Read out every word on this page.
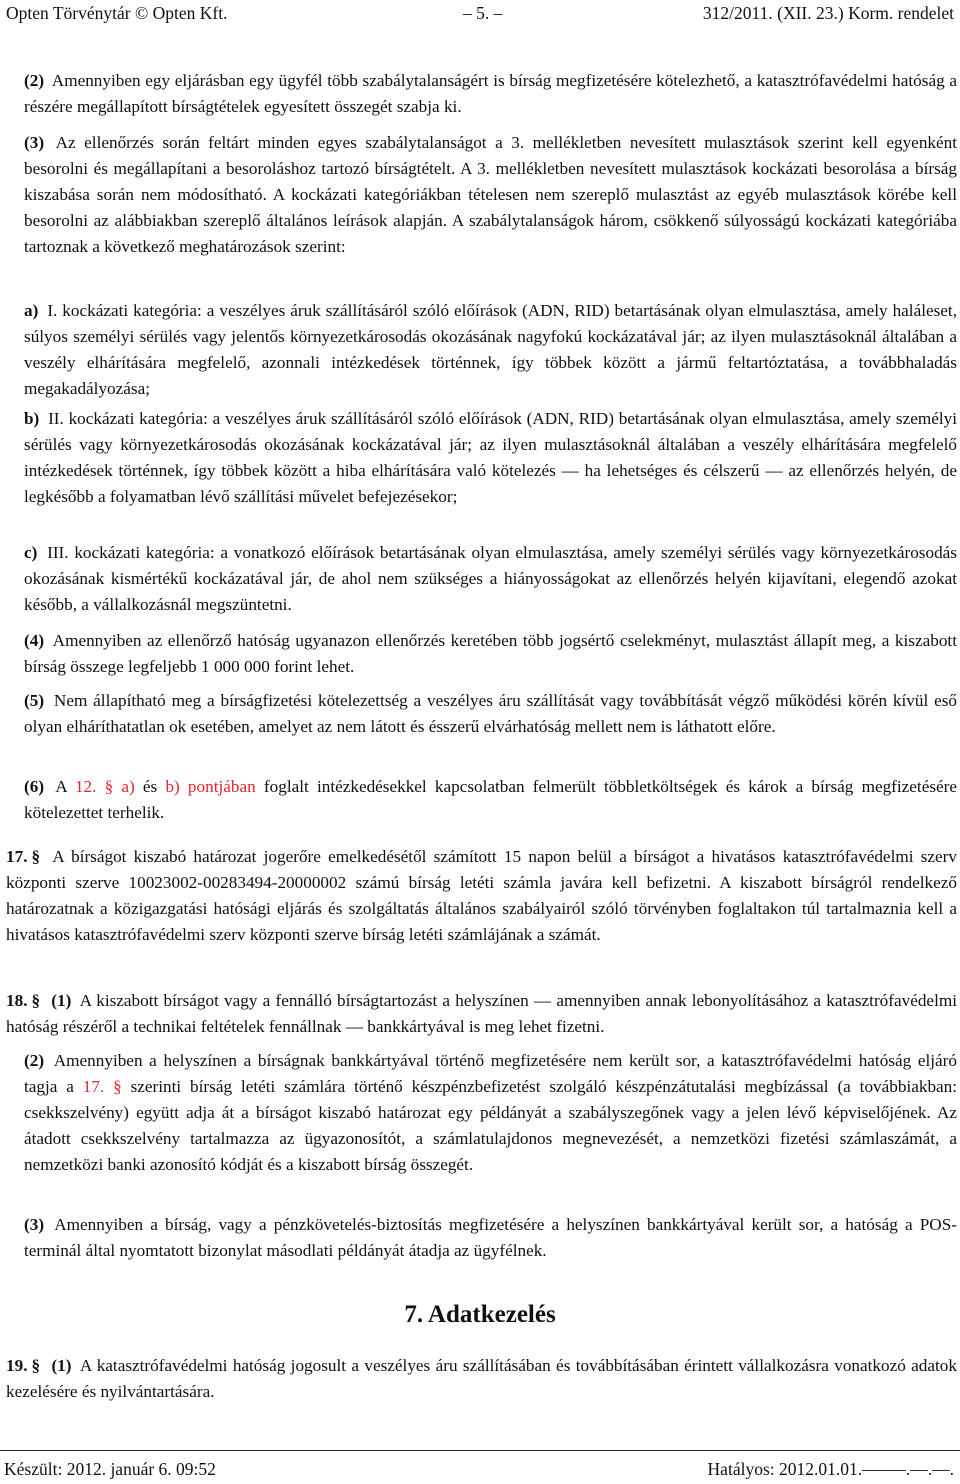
Opten Törvénytár © Opten Kft.	– 5. –	312/2011. (XII. 23.) Korm. rendelet
(2) Amennyiben egy eljárásban egy ügyfél több szabálytalanságért is bírság megfizetésére kötelezhető, a katasztrófavédelmi hatóság a részére megállapított bírságtételek egyesített összegét szabja ki.
(3) Az ellenőrzés során feltárt minden egyes szabálytalanságot a 3. mellékletben nevesített mulasztások szerint kell egyenként besorolni és megállapítani a besoroláshoz tartozó bírságtételt. A 3. mellékletben nevesített mulasztások kockázati besorolása a bírság kiszabása során nem módosítható. A kockázati kategóriákban tételesen nem szereplő mulasztást az egyéb mulasztások körébe kell besorolni az alábbiakban szereplő általános leírások alapján. A szabálytalanságok három, csökkenő súlyosságú kockázati kategóriába tartoznak a következő meghatározások szerint:
a) I. kockázati kategória: a veszélyes áruk szállításáról szóló előírások (ADN, RID) betartásának olyan elmulasztása, amely haláleset, súlyos személyi sérülés vagy jelentős környezetkárosodás okozásának nagyfokú kockázatával jár; az ilyen mulasztásoknál általában a veszély elhárítására megfelelő, azonnali intézkedések történnek, így többek között a jármű feltartóztatása, a továbbhaladás megakadályozása;
b) II. kockázati kategória: a veszélyes áruk szállításáról szóló előírások (ADN, RID) betartásának olyan elmulasztása, amely személyi sérülés vagy környezetkárosodás okozásának kockázatával jár; az ilyen mulasztásoknál általában a veszély elhárítására megfelelő intézkedések történnek, így többek között a hiba elhárítására való kötelezés — ha lehetséges és célszerű — az ellenőrzés helyén, de legkésőbb a folyamatban lévő szállítási művelet befejezésekor;
c) III. kockázati kategória: a vonatkozó előírások betartásának olyan elmulasztása, amely személyi sérülés vagy környezetkárosodás okozásának kismértékű kockázatával jár, de ahol nem szükséges a hiányosságokat az ellenőrzés helyén kijavítani, elegendő azokat később, a vállalkozásnál megszüntetni.
(4) Amennyiben az ellenőrző hatóság ugyanazon ellenőrzés keretében több jogsértő cselekményt, mulasztást állapít meg, a kiszabott bírság összege legfeljebb 1 000 000 forint lehet.
(5) Nem állapítható meg a bírságfizetési kötelezettség a veszélyes áru szállítását vagy továbbítását végző működési körén kívül eső olyan elháríthatatlan ok esetében, amelyet az nem látott és ésszerű elvárhatóság mellett nem is láthatott előre.
(6) A 12. § a) és b) pontjában foglalt intézkedésekkel kapcsolatban felmerült többletköltségek és károk a bírság megfizetésére kötelezettet terhelik.
17. § A bírságot kiszabó határozat jogerőre emelkedésétől számított 15 napon belül a bírságot a hivatásos katasztrófavédelmi szerv központi szerve 10023002-00283494-20000002 számú bírság letéti számla javára kell befizetni. A kiszabott bírságról rendelkező határozatnak a közigazgatási hatósági eljárás és szolgáltatás általános szabályairól szóló törvényben foglaltakon túl tartalmaznia kell a hivatásos katasztrófavédelmi szerv központi szerve bírság letéti számlájának a számát.
18. § (1) A kiszabott bírságot vagy a fennálló bírságtartozást a helyszínen — amennyiben annak lebonyolításához a katasztrófavédelmi hatóság részéről a technikai feltételek fennállnak — bankkártyával is meg lehet fizetni.
(2) Amennyiben a helyszínen a bírságnak bankkártyával történő megfizetésére nem került sor, a katasztrófavédelmi hatóság eljáró tagja a 17. § szerinti bírság letéti számlára történő készpénzbefizetést szolgáló készpénzátutalási megbízással (a továbbiakban: csekkszelvény) együtt adja át a bírságot kiszabó határozat egy példányát a szabályszegőnek vagy a jelen lévő képviselőjének. Az átadott csekkszelvény tartalmazza az ügyazonosítót, a számlatulajdonos megnevezését, a nemzetközi fizetési számlaszámát, a nemzetközi banki azonosító kódját és a kiszabott bírság összegét.
(3) Amennyiben a bírság, vagy a pénzkövetelés-biztosítás megfizetésére a helyszínen bankkártyával került sor, a hatóság a POS-terminál által nyomtatott bizonylat másodlati példányát átadja az ügyfélnek.
7. Adatkezelés
19. § (1) A katasztrófavédelmi hatóság jogosult a veszélyes áru szállításában és továbbításában érintett vállalkozásra vonatkozó adatok kezelésére és nyilvántartására.
Készült: 2012. január 6. 09:52	Hatályos: 2012.01.01.–––––.––.––.
